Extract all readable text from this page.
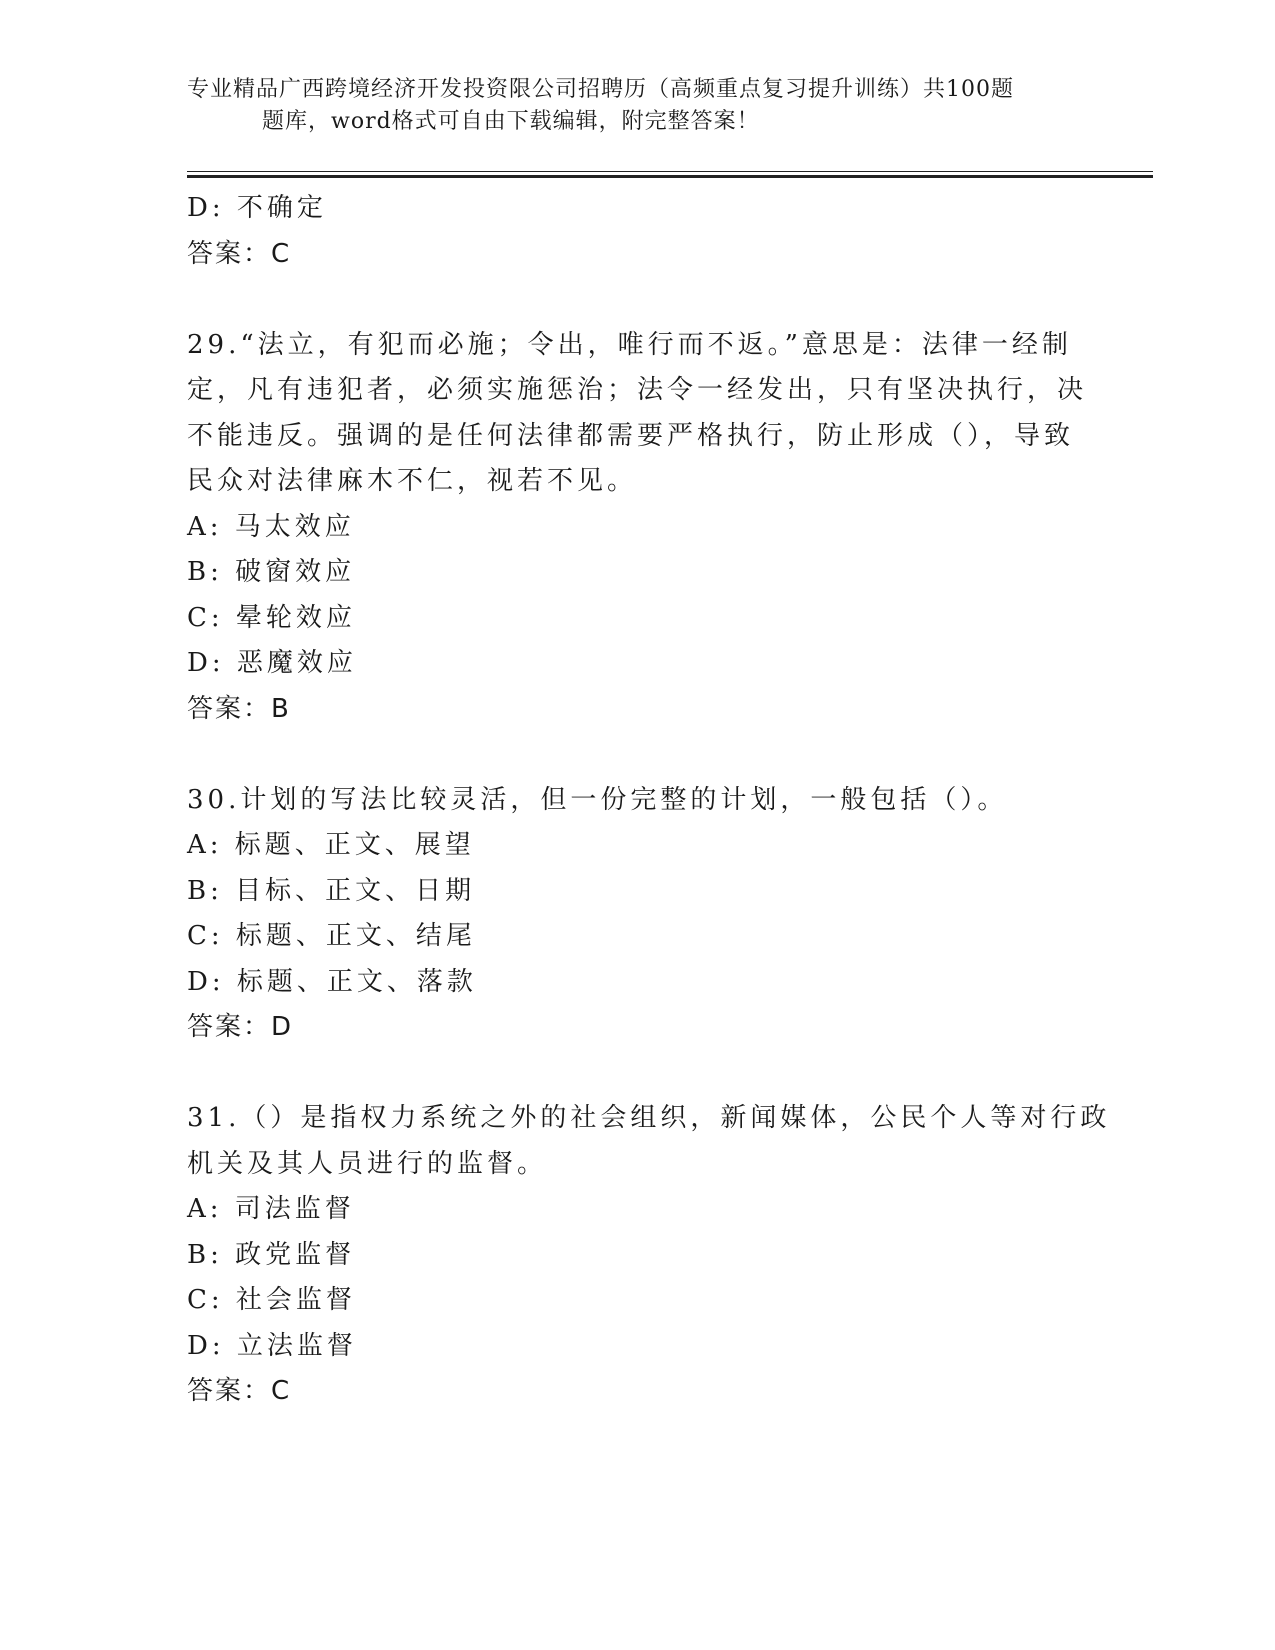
专业精品广西跨境经济开发投资限公司招聘历（高频重点复习提升训练）共100题
题库，word格式可自由下载编辑，附完整答案！
D: 不确定
答案：C
29.“法立，有犯而必施；令出，唯行而不返。”意思是：法律一经制
定，凡有违犯者，必须实施惩治；法令一经发出，只有坚决执行，决
不能违反。强调的是任何法律都需要严格执行，防止形成（），导致
民众对法律麻木不仁，视若不见。
A: 马太效应
B: 破窗效应
C: 晕轮效应
D: 恶魔效应
答案：B
30.计划的写法比较灵活，但一份完整的计划，一般包括（）。
A: 标题、正文、展望
B: 目标、正文、日期
C: 标题、正文、结尾
D: 标题、正文、落款
答案：D
31.（）是指权力系统之外的社会组织，新闻媒体，公民个人等对行政
机关及其人员进行的监督。
A: 司法监督
B: 政党监督
C: 社会监督
D: 立法监督
答案：C
